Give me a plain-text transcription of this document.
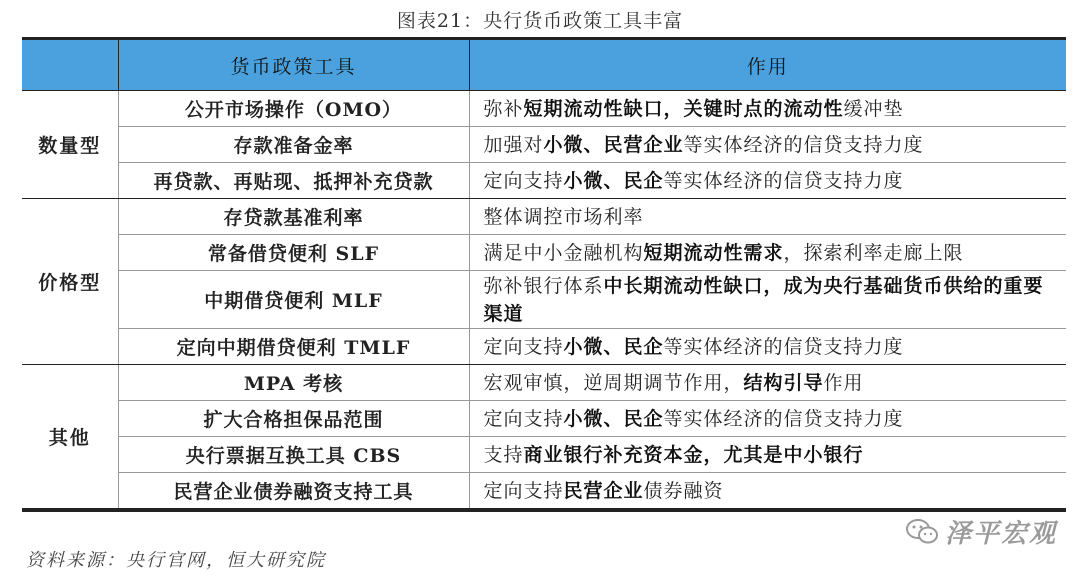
图表21：央行货币政策工具丰富
	货币政策工具	作用
数量型	公开市场操作（OMO）	弥补短期流动性缺口，关键时点的流动性缓冲垫
	存款准备金率	加强对小微、民营企业等实体经济的信贷支持力度
	再贷款、再贴现、抵押补充贷款	定向支持小微、民企等实体经济的信贷支持力度
价格型	存贷款基准利率	整体调控市场利率
	常备借贷便利 SLF	满足中小金融机构短期流动性需求，探索利率走廊上限
	中期借贷便利 MLF	弥补银行体系中长期流动性缺口，成为央行基础货币供给的重要渠道
	定向中期借贷便利 TMLF	定向支持小微、民企等实体经济的信贷支持力度
其他	MPA 考核	宏观审慎，逆周期调节作用，结构引导作用
	扩大合格担保品范围	定向支持小微、民企等实体经济的信贷支持力度
	央行票据互换工具 CBS	支持商业银行补充资本金，尤其是中小银行
	民营企业债券融资支持工具	定向支持民营企业债券融资
资料来源：央行官网，恒大研究院
泽平宏观
